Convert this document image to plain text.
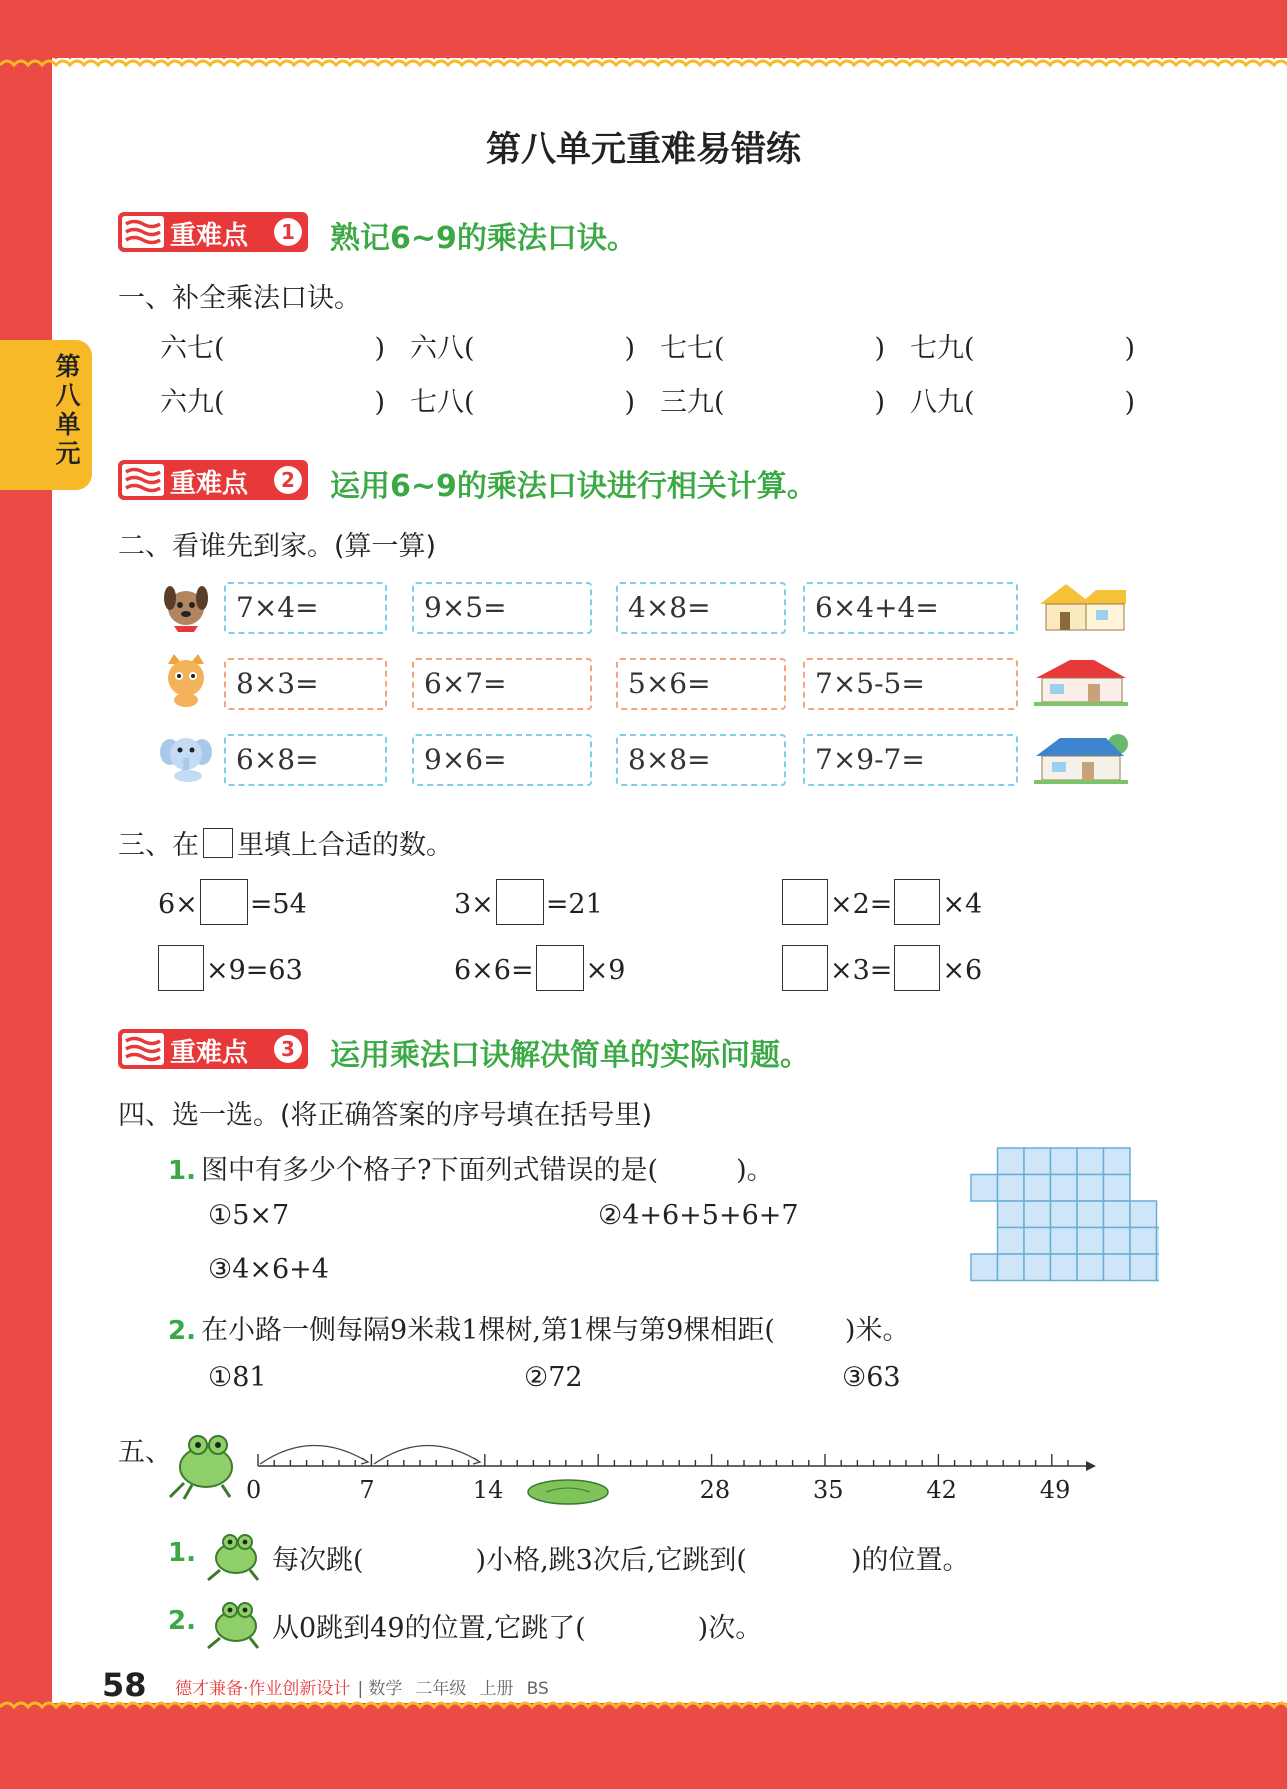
第八单元
第八单元重难易错练
重难点	1 熟记6~9的乘法口诀。
一、补全乘法口诀。
六七(	) 六八(	) 七七(	) 七九(	)
六九(	) 七八(	) 三九(	) 八九(	)
重难点	2 运用6~9的乘法口诀进行相关计算。
二、看谁先到家。(算一算)
7×4=	9×5=	4×8=	6×4+4=
8×3=	6×7=	5×6=	7×5-5=
6×8=	9×6=	8×8=	7×9-7=
三、在 里填上合适的数。
6× =54	3× =21	×2= ×4
×9=63	6×6= ×9	×3= ×6
重难点	3 运用乘法口诀解决简单的实际问题。
四、选一选。(将正确答案的序号填在括号里)
1. 图中有多少个格子?下面列式错误的是(	)。
①5×7	②4+6+5+6+7
③4×6+4
2. 在小路一侧每隔9米栽1棵树,第1棵与第9棵相距(	)米。
①81	②72	③63
五、
0	7	14	28	35	42	49
1.	每次跳(	)小格,跳3次后,它跳到(	)的位置。
2.	从0跳到49的位置,它跳了(	)次。
58 德才兼备·作业创新设计 | 数学 二年级 上册 BS
